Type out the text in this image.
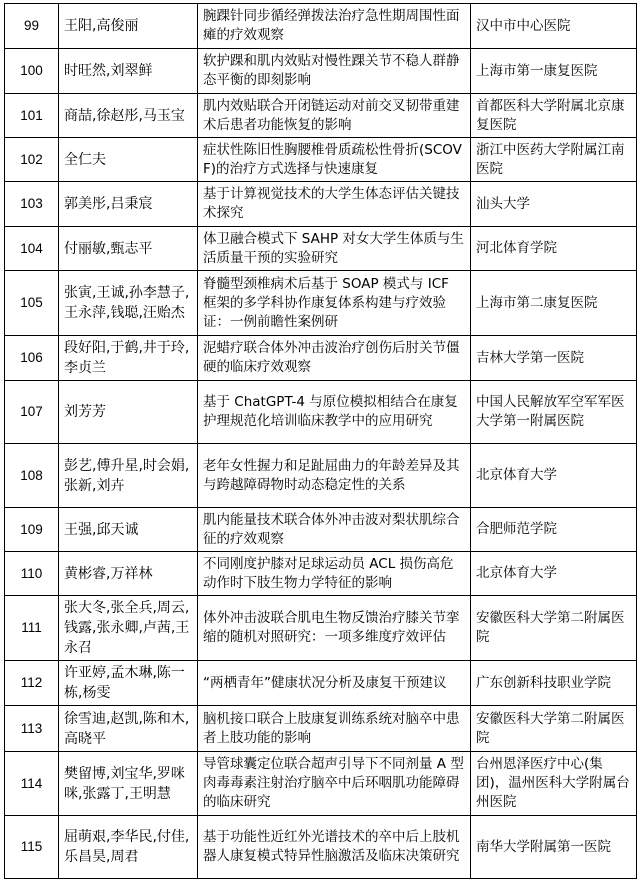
99	王阳,高俊丽	腕踝针同步循经弹拨法治疗急性期周围性面瘫的疗效观察	汉中市中心医院
100	时旺然,刘翠鲜	软护踝和肌内效贴对慢性踝关节不稳人群静态平衡的即刻影响	上海市第一康复医院
101	商喆,徐赵彤,马玉宝	肌内效贴联合开闭链运动对前交叉韧带重建术后患者功能恢复的影响	首都医科大学附属北京康复医院
102	全仁夫	症状性陈旧性胸腰椎骨质疏松性骨折(SCOVF)的治疗方式选择与快速康复	浙江中医药大学附属江南医院
103	郭美彤,吕秉宸	基于计算视觉技术的大学生体态评估关键技术探究	汕头大学
104	付丽敏,甄志平	体卫融合模式下 SAHP 对女大学生体质与生活质量干预的实验研究	河北体育学院
105	张寅,王诚,孙李慧子,王永萍,钱聪,汪贻杰	脊髓型颈椎病术后基于 SOAP 模式与 ICF 框架的多学科协作康复体系构建与疗效验证：一例前瞻性案例研	上海市第二康复医院
106	段好阳,于鹤,井于玲,李贞兰	泥蜡疗联合体外冲击波治疗创伤后肘关节僵硬的临床疗效观察	吉林大学第一医院
107	刘芳芳	基于 ChatGPT-4 与原位模拟相结合在康复护理规范化培训临床教学中的应用研究	中国人民解放军空军军医大学第一附属医院
108	彭艺,傅升星,时会娟,张新,刘卉	老年女性握力和足趾屈曲力的年龄差异及其与跨越障碍物时动态稳定性的关系	北京体育大学
109	王强,邱天诚	肌内能量技术联合体外冲击波对梨状肌综合征的疗效观察	合肥师范学院
110	黄彬睿,万祥林	不同刚度护膝对足球运动员 ACL 损伤高危动作时下肢生物力学特征的影响	北京体育大学
111	张大冬,张全兵,周云,钱露,张永卿,卢茜,王永召	体外冲击波联合肌电生物反馈治疗膝关节挛缩的随机对照研究：一项多维度疗效评估	安徽医科大学第二附属医院
112	许亚婷,孟木琳,陈一栋,杨雯	“两栖青年”健康状况分析及康复干预建议	广东创新科技职业学院
113	徐雪迪,赵凯,陈和木,高晓平	脑机接口联合上肢康复训练系统对脑卒中患者上肢功能的影响	安徽医科大学第二附属医院
114	樊留博,刘宝华,罗咪咪,张露丁,王明慧	导管球囊定位联合超声引导下不同剂量 A 型肉毒毒素注射治疗脑卒中后环咽肌功能障碍的临床研究	台州恩泽医疗中心(集团)，温州医科大学附属台州医院
115	屈萌艰,李华民,付佳,乐昌昊,周君	基于功能性近红外光谱技术的卒中后上肢机器人康复模式特异性脑激活及临床决策研究	南华大学附属第一医院
